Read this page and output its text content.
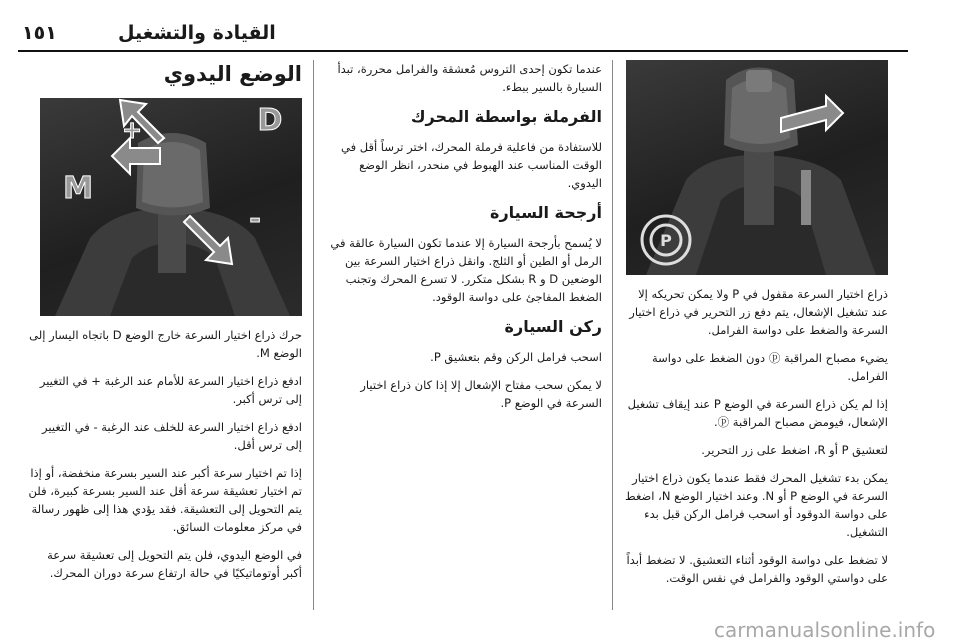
١٥١	القيادة والتشغيل
P

ذراع اختيار السرعة مقفول في P ولا يمكن تحريكه إلا عند تشغيل الإشعال، يتم دفع زر التحرير في ذراع اختيار السرعة والضغط على دواسة الفرامل.

يضيء مصباح المراقبة ⓟ دون الضغط على دواسة الفرامل.

إذا لم يكن ذراع السرعة في الوضع P عند إيقاف تشغيل الإشعال، فيومض مصباح المراقبة ⓟ.

لتعشيق P أو R، اضغط على زر التحرير.

يمكن بدء تشغيل المحرك فقط عندما يكون ذراع اختيار السرعة في الوضع P أو N. وعند اختيار الوضع N، اضغط على دواسة الدوقود أو اسحب فرامل الركن قبل بدء التشغيل.

لا تضغط على دواسة الوقود أثناء التعشيق. لا تضغط أبداً على دواستي الوقود والفرامل في نفس الوقت.

عندما تكون إحدى التروس مُعشقة والفرامل محررة، تبدأ السيارة بالسير ببطء.

الفرملة بواسطة المحرك

للاستفادة من فاعلية فرملة المحرك، اختر ترساً أقل في الوقت المناسب عند الهبوط في منحدر، انظر الوضع اليدوي.

أرجحة السيارة

لا يُسمح بأرجحة السيارة إلا عندما تكون السيارة عالقة في الرمل أو الطين أو الثلج. وانقل ذراع اختيار السرعة بين الوضعين D و R بشكل متكرر. لا تسرع المحرك وتجنب الضغط المفاجئ على دواسة الوقود.

ركن السيارة

اسحب فرامل الركن وقم بتعشيق P.

لا يمكن سحب مفتاح الإشعال إلا إذا كان ذراع اختيار السرعة في الوضع P.

الوضع اليدوي
+	D
M
-

حرك ذراع اختيار السرعة خارج الوضع D باتجاه اليسار إلى الوضع M.

ادفع ذراع اختيار السرعة للأمام عند الرغبة + في التغيير إلى ترس أكبر.

ادفع ذراع اختيار السرعة للخلف عند الرغبة - في التغيير إلى ترس أقل.

إذا تم اختيار سرعة أكبر عند السير بسرعة منخفضة، أو إذا تم اختيار تعشيقة سرعة أقل عند السير بسرعة كبيرة، فلن يتم التحويل إلى التعشيقة. فقد يؤدي هذا إلى ظهور رسالة في مركز معلومات السائق.

في الوضع اليدوي، فلن يتم التحويل إلى تعشيقة سرعة أكبر أوتوماتيكيًا في حالة ارتفاع سرعة دوران المحرك.

carmanualsonline.info
